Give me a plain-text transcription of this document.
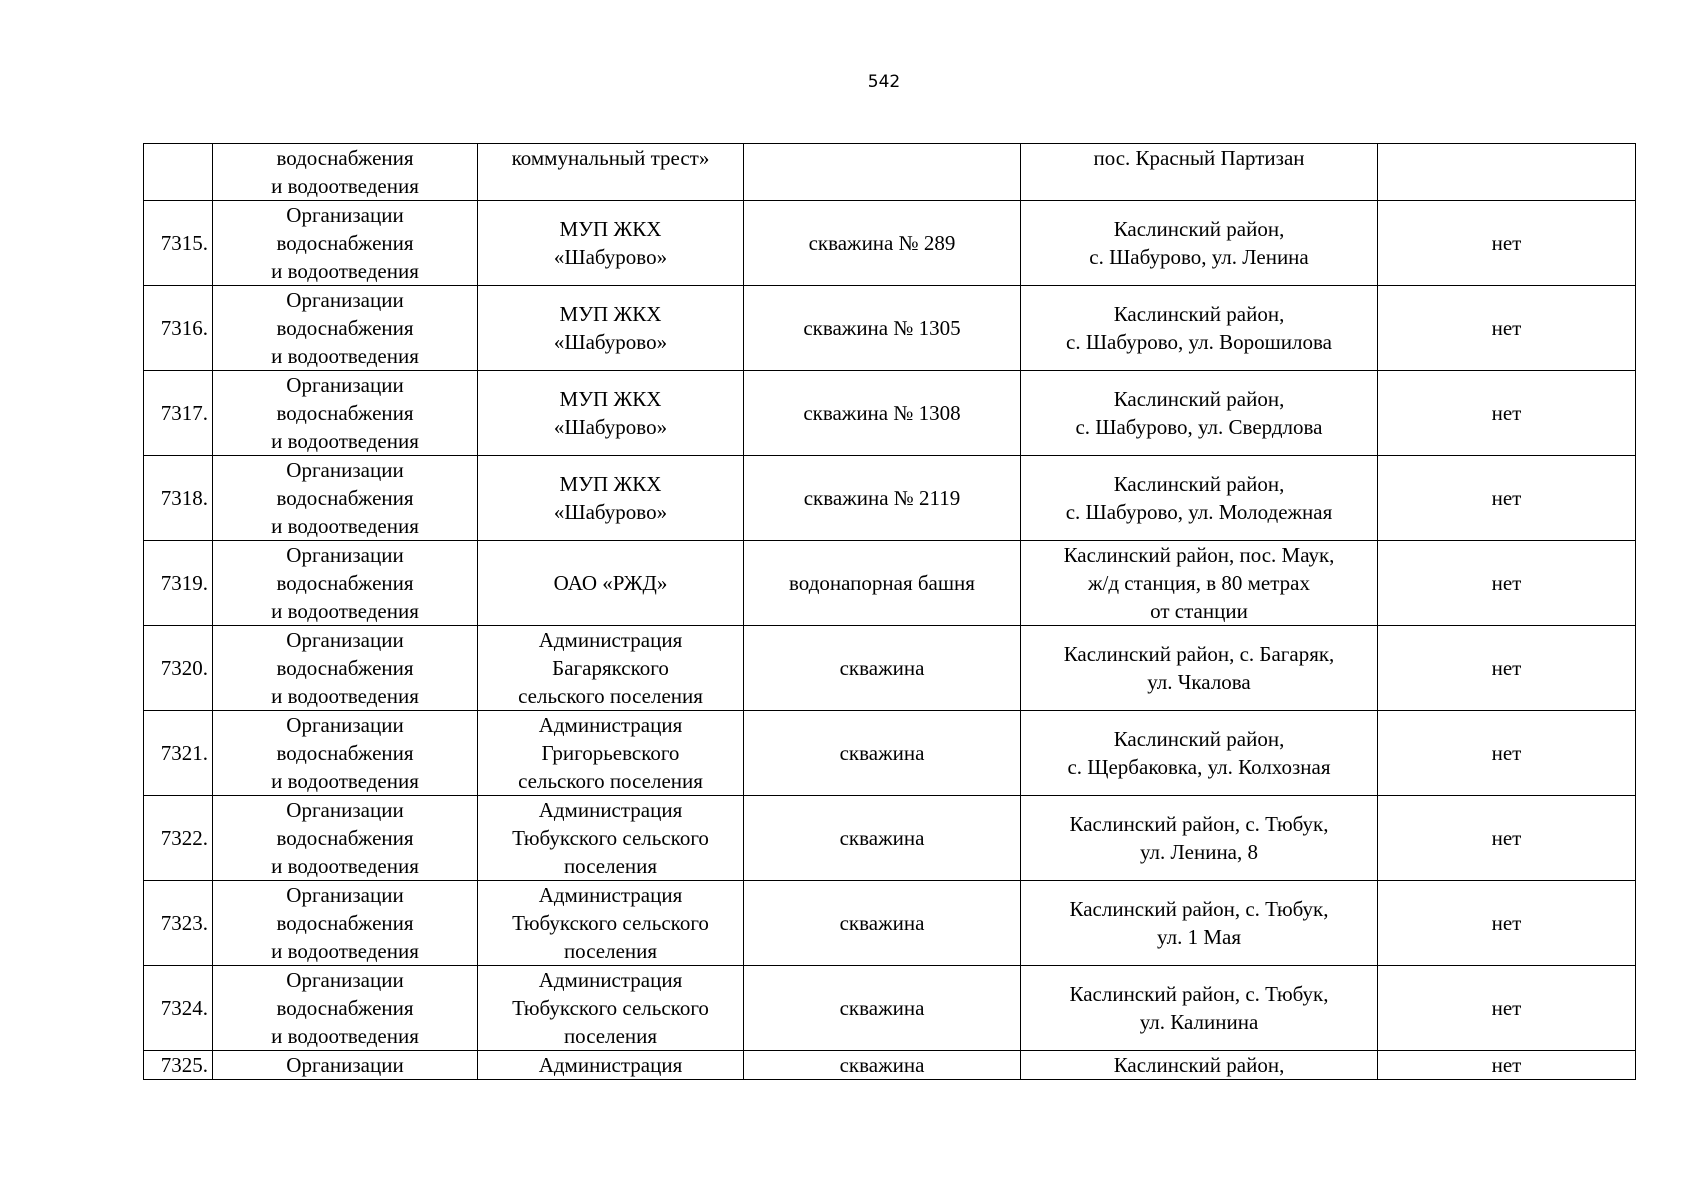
542

	водоснабжения
и водоотведения	коммунальный трест»		пос. Красный Партизан	

7315.	Организации
водоснабжения
и водоотведения	МУП ЖКХ
«Шабурово»	скважина № 289	Каслинский район,
с. Шабурово, ул. Ленина	нет
7316.	Организации
водоснабжения
и водоотведения	МУП ЖКХ
«Шабурово»	скважина № 1305	Каслинский район,
с. Шабурово, ул. Ворошилова	нет
7317.	Организации
водоснабжения
и водоотведения	МУП ЖКХ
«Шабурово»	скважина № 1308	Каслинский район,
с. Шабурово, ул. Свердлова	нет
7318.	Организации
водоснабжения
и водоотведения	МУП ЖКХ
«Шабурово»	скважина № 2119	Каслинский район,
с. Шабурово, ул. Молодежная	нет
7319.	Организации
водоснабжения
и водоотведения	ОАО «РЖД»	водонапорная башня	Каслинский район, пос. Маук,
ж/д станция, в 80 метрах
от станции	нет
7320.	Организации
водоснабжения
и водоотведения	Администрация
Багарякского
сельского поселения	скважина	Каслинский район, с. Багаряк,
ул. Чкалова	нет
7321.	Организации
водоснабжения
и водоотведения	Администрация
Григорьевского
сельского поселения	скважина	Каслинский район,
с. Щербаковка, ул. Колхозная	нет
7322.	Организации
водоснабжения
и водоотведения	Администрация
Тюбукского сельского
поселения	скважина	Каслинский район, с. Тюбук,
ул. Ленина, 8	нет
7323.	Организации
водоснабжения
и водоотведения	Администрация
Тюбукского сельского
поселения	скважина	Каслинский район, с. Тюбук,
ул. 1 Мая	нет
7324.	Организации
водоснабжения
и водоотведения	Администрация
Тюбукского сельского
поселения	скважина	Каслинский район, с. Тюбук,
ул. Калинина	нет
7325.	Организации	Администрация	скважина	Каслинский район,	нет
